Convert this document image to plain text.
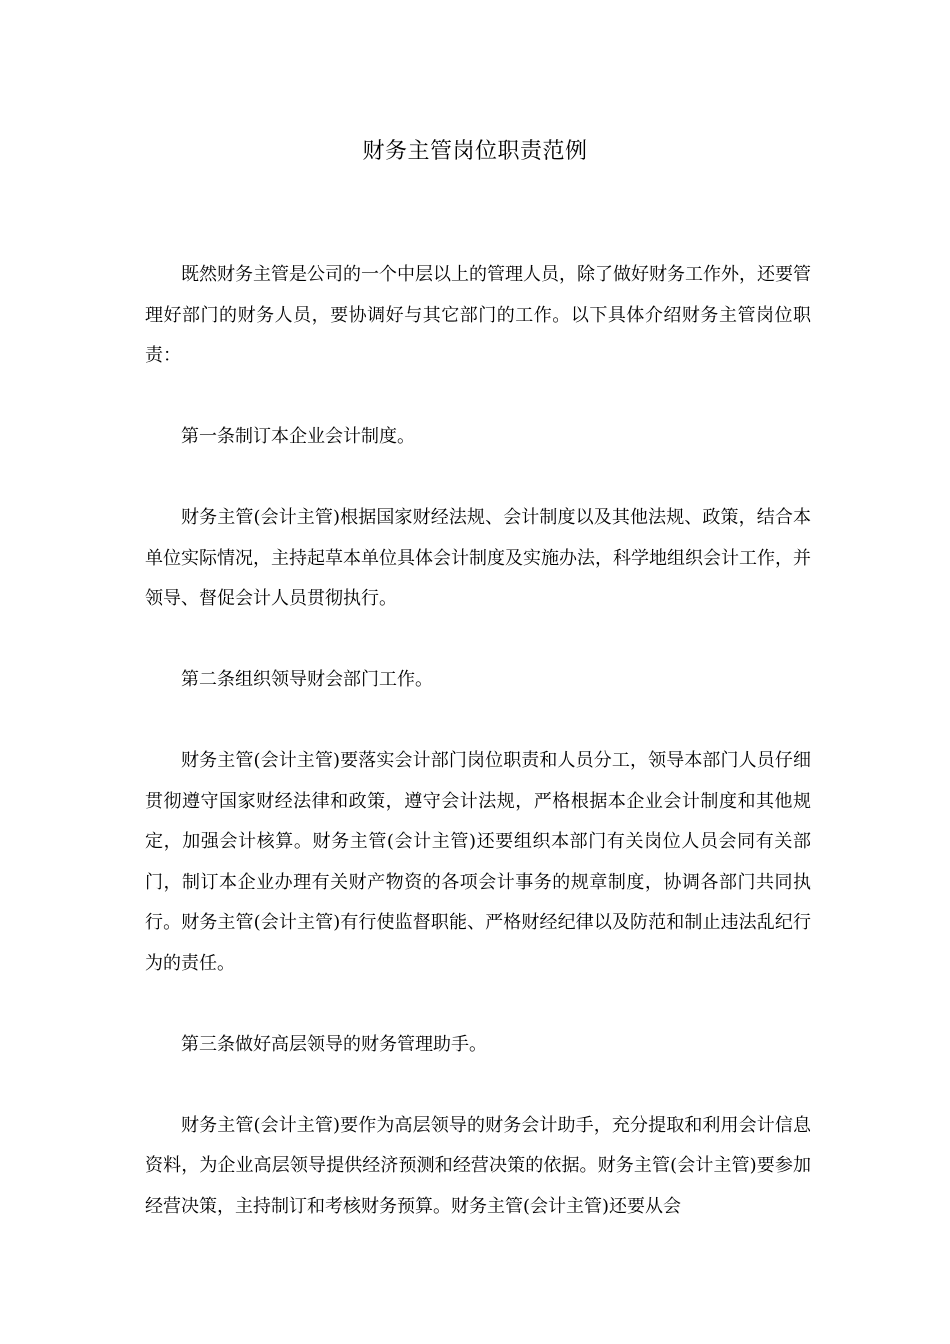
财务主管岗位职责范例

既然财务主管是公司的一个中层以上的管理人员，除了做好财务工作外，还要管理好部门的财务人员，要协调好与其它部门的工作。以下具体介绍财务主管岗位职责：

第一条制订本企业会计制度。

财务主管(会计主管)根据国家财经法规、会计制度以及其他法规、政策，结合本单位实际情况，主持起草本单位具体会计制度及实施办法，科学地组织会计工作，并领导、督促会计人员贯彻执行。

第二条组织领导财会部门工作。

财务主管(会计主管)要落实会计部门岗位职责和人员分工，领导本部门人员仔细贯彻遵守国家财经法律和政策，遵守会计法规，严格根据本企业会计制度和其他规定，加强会计核算。财务主管(会计主管)还要组织本部门有关岗位人员会同有关部门，制订本企业办理有关财产物资的各项会计事务的规章制度，协调各部门共同执行。财务主管(会计主管)有行使监督职能、严格财经纪律以及防范和制止违法乱纪行为的责任。

第三条做好高层领导的财务管理助手。

财务主管(会计主管)要作为高层领导的财务会计助手，充分提取和利用会计信息资料，为企业高层领导提供经济预测和经营决策的依据。财务主管(会计主管)要参加经营决策，主持制订和考核财务预算。财务主管(会计主管)还要从会
